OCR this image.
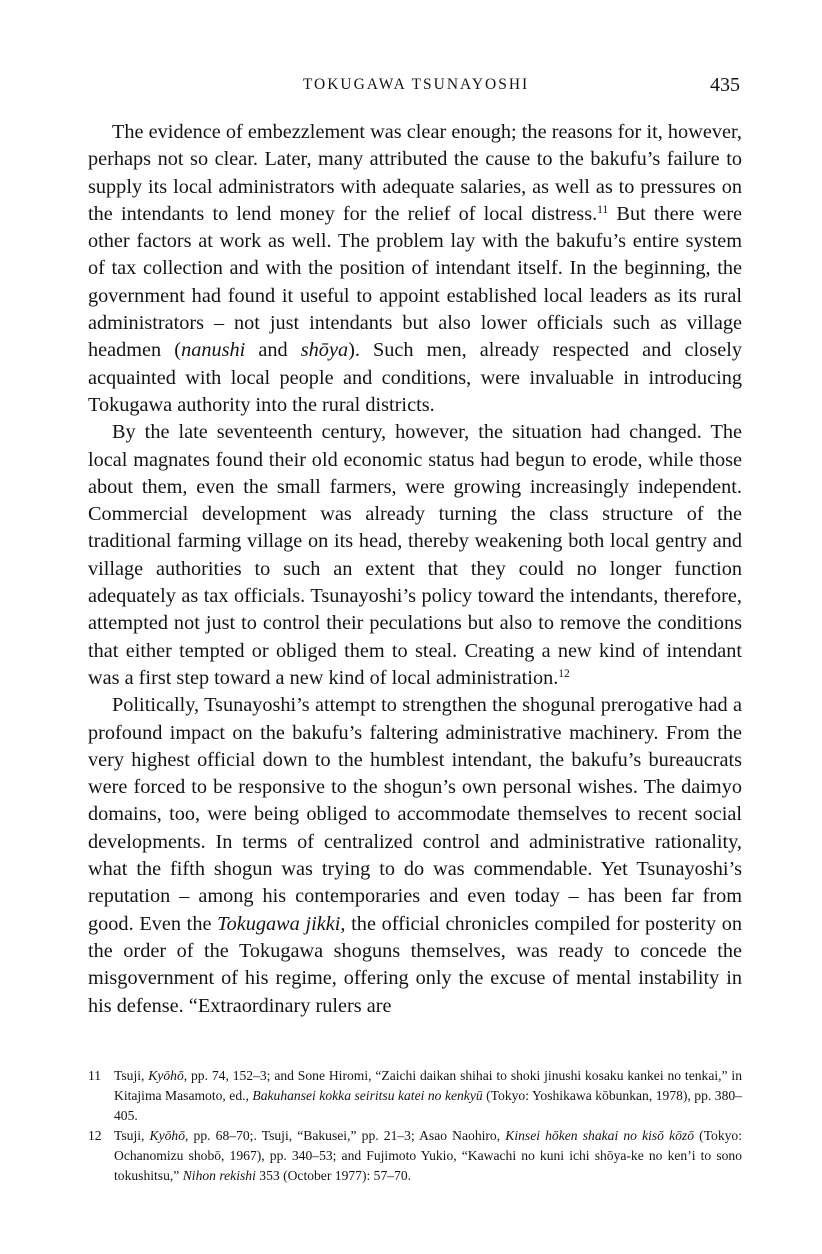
TOKUGAWA TSUNAYOSHI	435

The evidence of embezzlement was clear enough; the reasons for it, however, perhaps not so clear. Later, many attributed the cause to the bakufu’s failure to supply its local administrators with adequate salaries, as well as to pressures on the intendants to lend money for the relief of local distress.$^{11}$ But there were other factors at work as well. The problem lay with the bakufu’s entire system of tax collection and with the position of intendant itself. In the beginning, the government had found it useful to appoint established local leaders as its rural administrators – not just intendants but also lower officials such as village headmen (nanushi and shōya). Such men, already respected and closely acquainted with local people and conditions, were invaluable in introducing Tokugawa authority into the rural districts.

By the late seventeenth century, however, the situation had changed. The local magnates found their old economic status had begun to erode, while those about them, even the small farmers, were growing increasingly independent. Commercial development was already turning the class structure of the traditional farming village on its head, thereby weakening both local gentry and village authorities to such an extent that they could no longer function adequately as tax officials. Tsunayoshi’s policy toward the intendants, therefore, attempted not just to control their peculations but also to remove the conditions that either tempted or obliged them to steal. Creating a new kind of intendant was a first step toward a new kind of local administration.$^{12}$

Politically, Tsunayoshi’s attempt to strengthen the shogunal prerogative had a profound impact on the bakufu’s faltering administrative machinery. From the very highest official down to the humblest intendant, the bakufu’s bureaucrats were forced to be responsive to the shogun’s own personal wishes. The daimyo domains, too, were being obliged to accommodate themselves to recent social developments. In terms of centralized control and administrative rationality, what the fifth shogun was trying to do was commendable. Yet Tsunayoshi’s reputation – among his contemporaries and even today – has been far from good. Even the Tokugawa jikki, the official chronicles compiled for posterity on the order of the Tokugawa shoguns themselves, was ready to concede the misgovernment of his regime, offering only the excuse of mental instability in his defense. “Extraordinary rulers are

11 Tsuji, Kyōhō, pp. 74, 152–3; and Sone Hiromi, “Zaichi daikan shihai to shoki jinushi kosaku kankei no tenkai,” in Kitajima Masamoto, ed., Bakuhansei kokka seiritsu katei no kenkyū (Tokyo: Yoshikawa kōbunkan, 1978), pp. 380–405.
12 Tsuji, Kyōhō, pp. 68–70;. Tsuji, “Bakusei,” pp. 21–3; Asao Naohiro, Kinsei hōken shakai no kisō kōzō (Tokyo: Ochanomizu shobō, 1967), pp. 340–53; and Fujimoto Yukio, “Kawachi no kuni ichi shōya-ke no ken’i to sono tokushitsu,” Nihon rekishi 353 (October 1977): 57–70.
